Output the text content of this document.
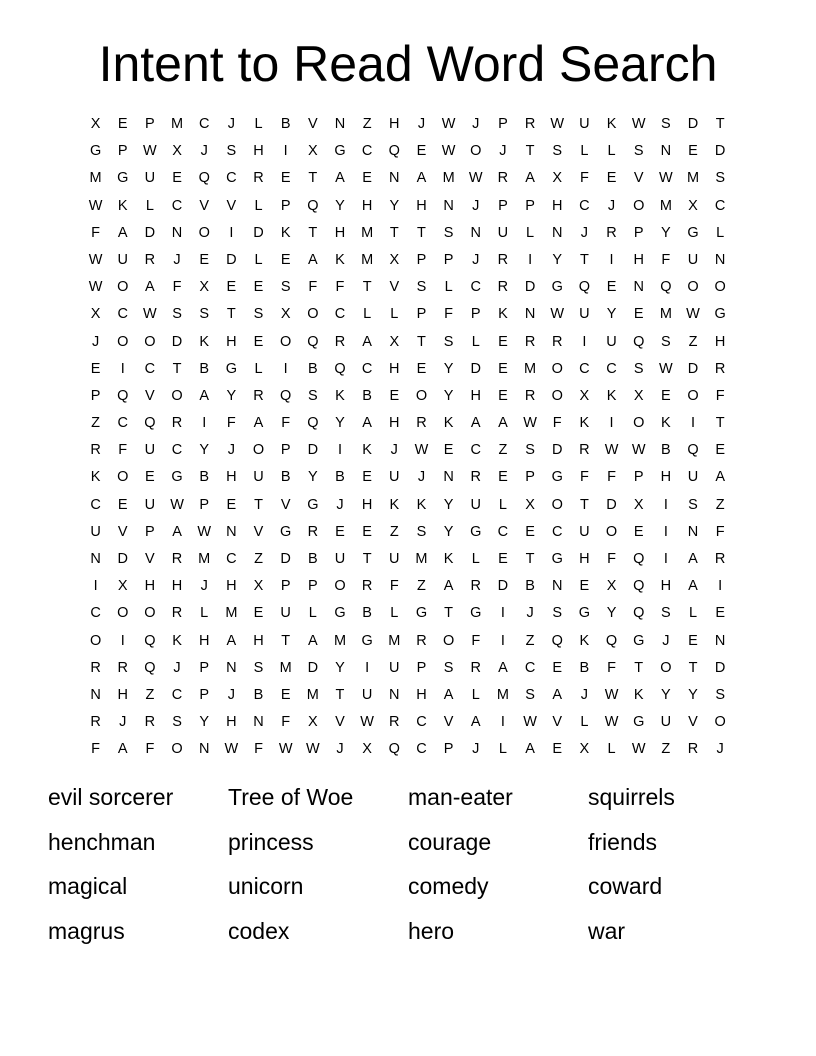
Intent to Read Word Search
X	E	P	M	C	J	L	B	V	N	Z	H	J	W	J	P	R	W	U	K	W	S	D	T
G	P	W	X	J	S	H	I	X	G	C	Q	E	W	O	J	T	S	L	L	S	N	E	D
M	G	U	E	Q	C	R	E	T	A	E	N	A	M W	R	A	X	F	E	V	W M	S
W	K	L	C	V	V	L	P	Q	Y	H	Y	H	N	J	P	P	H	C	J	O	M	X	C
F	A	D	N	O	I	D	K	T	H	M	T	T	S	N	U	L	N	J	R	P	Y	G	L
W	U	R	J	E	D	L	E	A	K	M	X	P	P	J	R	I	Y	T	I	H	F	U	N
W	O	A	F	X	E	E	S	F	F	T	V	S	L	C	R	D	G	Q	E	N	Q	O	O
X	C	W	S	S	T	S	X	O	C	L	L	P	F	P	K	N	W	U	Y	E	M W	G
J	O	O	D	K	H	E	O	Q	R	A	X	T	S	L	E	R	R	I	U	Q	S	Z	H
E	I	C	T	B	G	L	I	B	Q	C	H	E	Y	D	E	M	O	C	C	S	W	D	R
P	Q	V	O	A	Y	R	Q	S	K	B	E	O	Y	H	E	R	O	X	K	X	E	O	F
Z	C	Q	R	I	F	A	F	Q	Y	A	H	R	K	A	A	W	F	K	I	O	K	I	T
R	F	U	C	Y	J	O	P	D	I	K	J	W	E	C	Z	S	D	R	W W	B	Q	E
K	O	E	G	B	H	U	B	Y	B	E	U	J	N	R	E	P	G	F	F	P	H	U	A
C	E	U	W	P	E	T	V	G	J	H	K	K	Y	U	L	X	O	T	D	X	I	S	Z
U	V	P	A	W	N	V	G	R	E	E	Z	S	Y	G	C	E	C	U	O	E	I	N	F
N	D	V	R	M	C	Z	D	B	U	T	U	M	K	L	E	T	G	H	F	Q	I	A	R
I	X	H	H	J	H	X	P	P	O	R	F	Z	A	R	D	B	N	E	X	Q	H	A	I
C	O	O	R	L	M	E	U	L	G	B	L	G	T	G	I	J	S	G	Y	Q	S	L	E
O	I	Q	K	H	A	H	T	A	M	G	M	R	O	F	I	Z	Q	K	Q	G	J	E	N
R	R	Q	J	P	N	S	M	D	Y	I	U	P	S	R	A	C	E	B	F	T	O	T	D
N	H	Z	C	P	J	B	E	M	T	U	N	H	A	L	M	S	A	J	W	K	Y	Y	S
R	J	R	S	Y	H	N	F	X	V	W	R	C	V	A	I	W	V	L	W	G	U	V	O
F	A	F	O	N	W	F	W W	J	X	Q	C	P	J	L	A	E	X	L	W	Z	R	J
evil sorcerer	Tree of Woe	man-eater	squirrels
henchman	princess	courage	friends
magical	unicorn	comedy	coward
magrus	codex	hero	war
